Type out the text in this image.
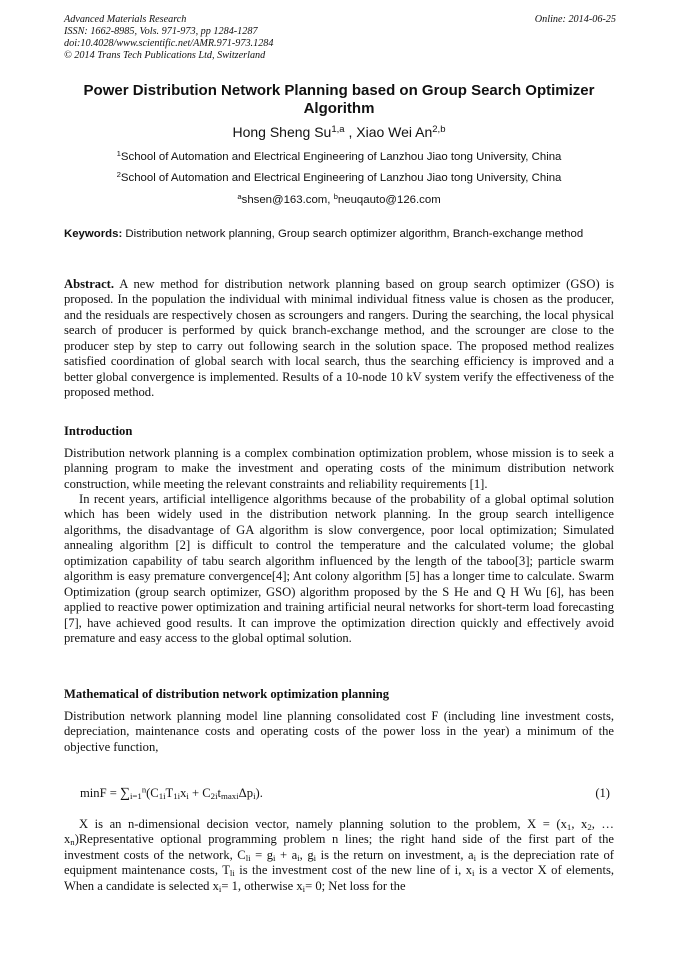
Advanced Materials Research
ISSN: 1662-8985, Vols. 971-973, pp 1284-1287
doi:10.4028/www.scientific.net/AMR.971-973.1284
© 2014 Trans Tech Publications Ltd, Switzerland
Online: 2014-06-25
Power Distribution Network Planning based on Group Search Optimizer Algorithm
Hong Sheng Su$^{1,a}$ , Xiao Wei An$^{2,b}$
$^1$School of Automation and Electrical Engineering of Lanzhou Jiao tong University, China
$^2$School of Automation and Electrical Engineering of Lanzhou Jiao tong University, China
$^a$shsen@163.com, $^b$neuqauto@126.com
Keywords: Distribution network planning, Group search optimizer algorithm, Branch-exchange method
Abstract. A new method for distribution network planning based on group search optimizer (GSO) is proposed. In the population the individual with minimal individual fitness value is chosen as the producer, and the residuals are respectively chosen as scroungers and rangers. During the searching, the local physical search of producer is performed by quick branch-exchange method, and the scrounger are close to the producer step by step to carry out following search in the solution space. The proposed method realizes satisfied coordination of global search with local search, thus the searching efficiency is improved and a better global convergence is implemented. Results of a 10-node 10 kV system verify the effectiveness of the proposed method.
Introduction
Distribution network planning is a complex combination optimization problem, whose mission is to seek a planning program to make the investment and operating costs of the minimum distribution network construction, while meeting the relevant constraints and reliability requirements [1].
In recent years, artificial intelligence algorithms because of the probability of a global optimal solution which has been widely used in the distribution network planning. In the group search intelligence algorithms, the disadvantage of GA algorithm is slow convergence, poor local optimization; Simulated annealing algorithm [2] is difficult to control the temperature and the calculated volume; the global optimization capability of tabu search algorithm influenced by the length of the taboo[3]; particle swarm algorithm is easy premature convergence[4]; Ant colony algorithm [5] has a longer time to calculate. Swarm Optimization (group search optimizer, GSO) algorithm proposed by the S He and Q H Wu [6], has been applied to reactive power optimization and training artificial neural networks for short-term load forecasting [7], have achieved good results. It can improve the optimization direction quickly and effectively avoid premature and easy access to the global optimal solution.
Mathematical of distribution network optimization planning
Distribution network planning model line planning consolidated cost F (including line investment costs, depreciation, maintenance costs and operating costs of the power loss in the year) a minimum of the objective function,
$\min F = \sum_{i=1}^n(C_{1i}T_{1i}x_i + C_{2i}t_{maxi}\Delta p_i)$.	(1)
X is an n-dimensional decision vector, namely planning solution to the problem, $X = (x_1$, $x_2$, … $x_n)Representative$ optional programming problem n lines; the right hand side of the first part of the investment costs of the network, $C_{li} = g_i + a_i$, $g_i$ is the return on investment, $a_i$ is the depreciation rate of equipment maintenance costs, $T_{li}$ is the investment cost of the new line of i, $x_i$ is a vector X of elements, When a candidate is selected $x_i= 1$, otherwise $x_i= 0$; Net loss for the
